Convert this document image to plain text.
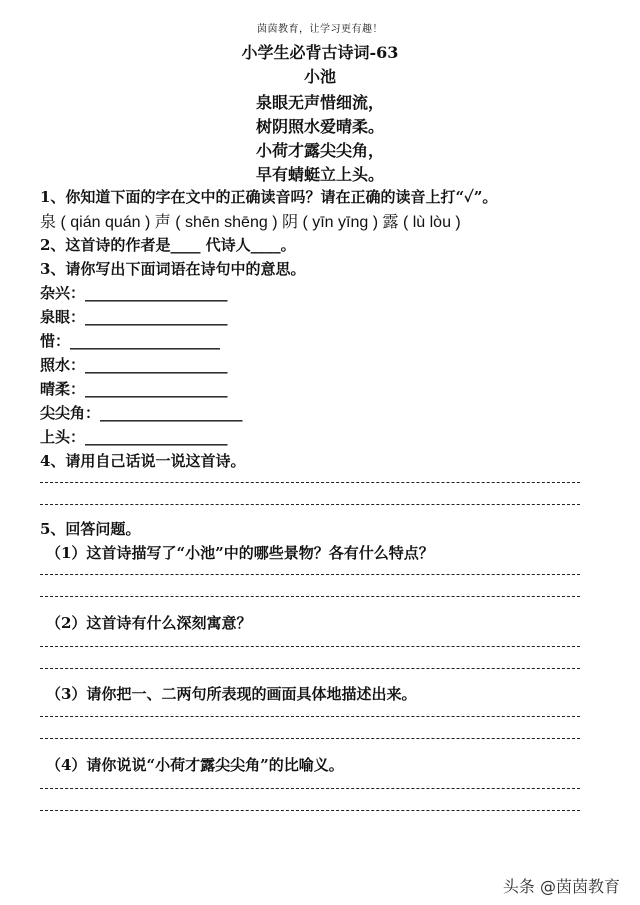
茵茵教育，让学习更有趣！
小学生必背古诗词-63
小池
泉眼无声惜细流，
树阴照水爱晴柔。
小荷才露尖尖角，
早有蜻蜓立上头。
1、你知道下面的字在文中的正确读音吗？请在正确的读音上打“✓”。
泉 ( qián quán ) 声 ( shēn shēng ) 阴 ( yīn yīng ) 露 ( lù lòu )
2、这首诗的作者是____ 代诗人____。
3、请你写出下面词语在诗句中的意思。
杂兴：___________________
泉眼：___________________
惜：____________________
照水：___________________
晴柔：___________________
尖尖角：___________________
上头：___________________
4、请用自己话说一说这首诗。
5、回答问题。
（1）这首诗描写了“小池”中的哪些景物？各有什么特点？
（2）这首诗有什么深刻寓意？
（3）请你把一、二两句所表现的画面具体地描述出来。
（4）请你说说“小荷才露尖尖角”的比喻义。
头条 @茵茵教育
